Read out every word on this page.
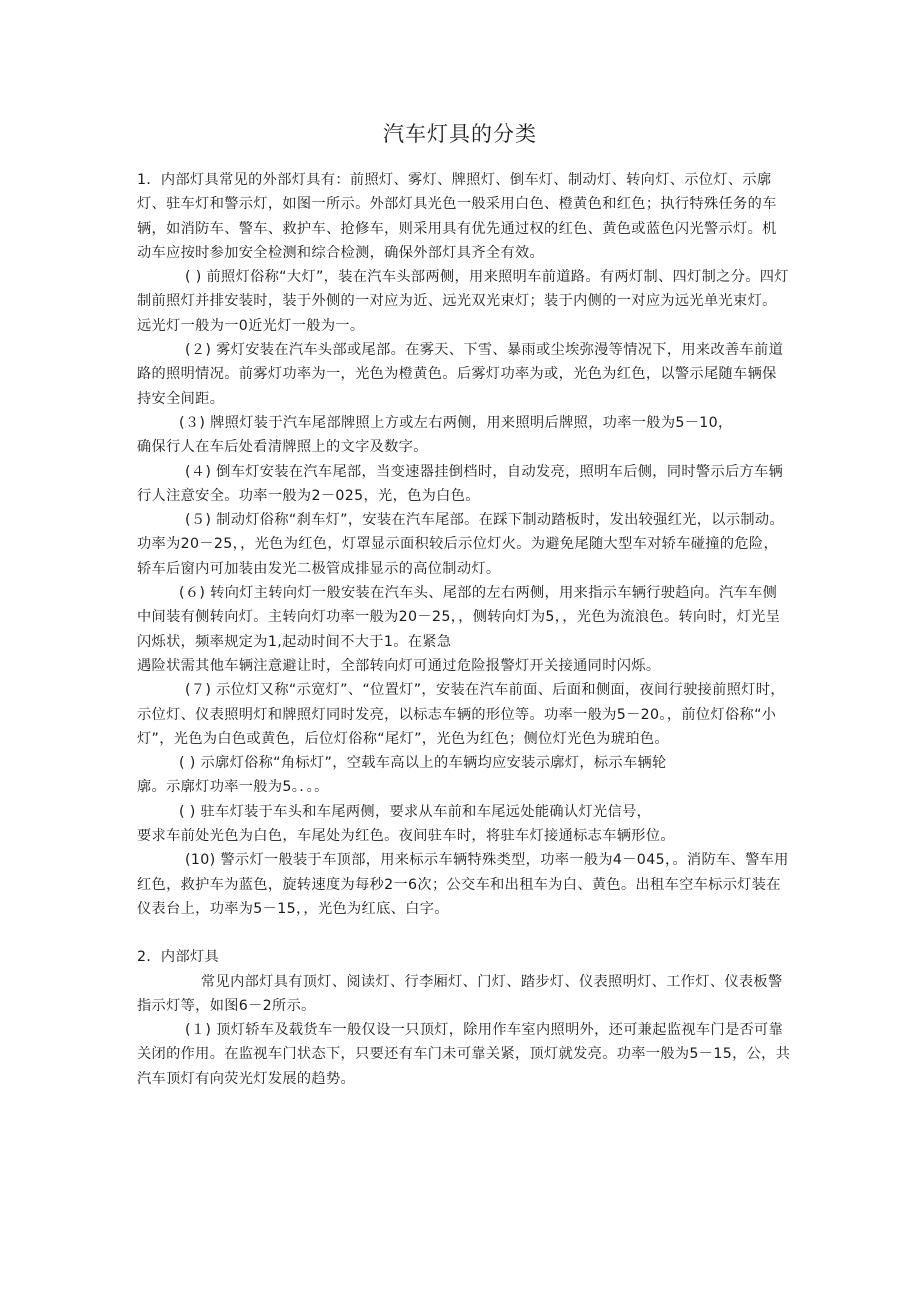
汽车灯具的分类

1．内部灯具常见的外部灯具有：前照灯、雾灯、牌照灯、倒车灯、制动灯、转向灯、示位灯、示廓灯、驻车灯和警示灯，如图一所示。外部灯具光色一般采用白色、橙黄色和红色；执行特殊任务的车辆，如消防车、警车、救护车、抢修车，则采用具有优先通过权的红色、黄色或蓝色闪光警示灯。机动车应按时参加安全检测和综合检测，确保外部灯具齐全有效。

( ) 前照灯俗称“大灯”，装在汽车头部两侧，用来照明车前道路。有两灯制、四灯制之分。四灯制前照灯并排安装时，装于外侧的一对应为近、远光双光束灯；装于内侧的一对应为远光单光束灯。远光灯一般为一0近光灯一般为一。

(２) 雾灯安装在汽车头部或尾部。在雾天、下雪、暴雨或尘埃弥漫等情况下，用来改善车前道路的照明情况。前雾灯功率为一，光色为橙黄色。后雾灯功率为或，光色为红色，以警示尾随车辆保持安全间距。

(３) 牌照灯装于汽车尾部牌照上方或左右两侧，用来照明后牌照，功率一般为5－10，

确保行人在车后处看清牌照上的文字及数字。

(４) 倒车灯安装在汽车尾部，当变速器挂倒档时，自动发亮，照明车后侧，同时警示后方车辆行人注意安全。功率一般为2－025，光，色为白色。

(５) 制动灯俗称“刹车灯”，安装在汽车尾部。在踩下制动踏板时，发出较强红光，以示制动。功率为20－25，，光色为红色，灯罩显示面积较后示位灯火。为避免尾随大型车对轿车碰撞的危险，轿车后窗内可加装由发光二极管成排显示的高位制动灯。

(６) 转向灯主转向灯一般安装在汽车头、尾部的左右两侧，用来指示车辆行驶趋向。汽车车侧中间装有侧转向灯。主转向灯功率一般为20－25，，侧转向灯为5，，光色为流浪色。转向时，灯光呈闪烁状，频率规定为1,起动时间不大于1。在紧急

遇险状需其他车辆注意避让时，全部转向灯可通过危险报警灯开关接通同时闪烁。

(７) 示位灯又称“示宽灯”、“位置灯”，安装在汽车前面、后面和侧面，夜间行驶接前照灯时，示位灯、仪表照明灯和牌照灯同时发亮，以标志车辆的形位等。功率一般为5－20。，前位灯俗称“小灯”，光色为白色或黄色，后位灯俗称“尾灯”，光色为红色；侧位灯光色为琥珀色。

( ) 示廓灯俗称“角标灯”，空载车高以上的车辆均应安装示廓灯，标示车辆轮

廓。示廓灯功率一般为5。．。。

( ) 驻车灯装于车头和车尾两侧，要求从车前和车尾远处能确认灯光信号，

要求车前处光色为白色，车尾处为红色。夜间驻车时，将驻车灯接通标志车辆形位。

(10) 警示灯一般装于车顶部，用来标示车辆特殊类型，功率一般为4－045，。消防车、警车用红色，救护车为蓝色，旋转速度为每秒2一6次；公交车和出租车为白、黄色。出租车空车标示灯装在仪表台上，功率为5－15，，光色为红底、白字。

2．内部灯具

常见内部灯具有顶灯、阅读灯、行李厢灯、门灯、踏步灯、仪表照明灯、工作灯、仪表板警指示灯等，如图6－2所示。

(１) 顶灯轿车及载货车一般仅设一只顶灯，除用作车室内照明外，还可兼起监视车门是否可靠关闭的作用。在监视车门状态下，只要还有车门未可靠关紧，顶灯就发亮。功率一般为5－15，公，共汽车顶灯有向荧光灯发展的趋势。
